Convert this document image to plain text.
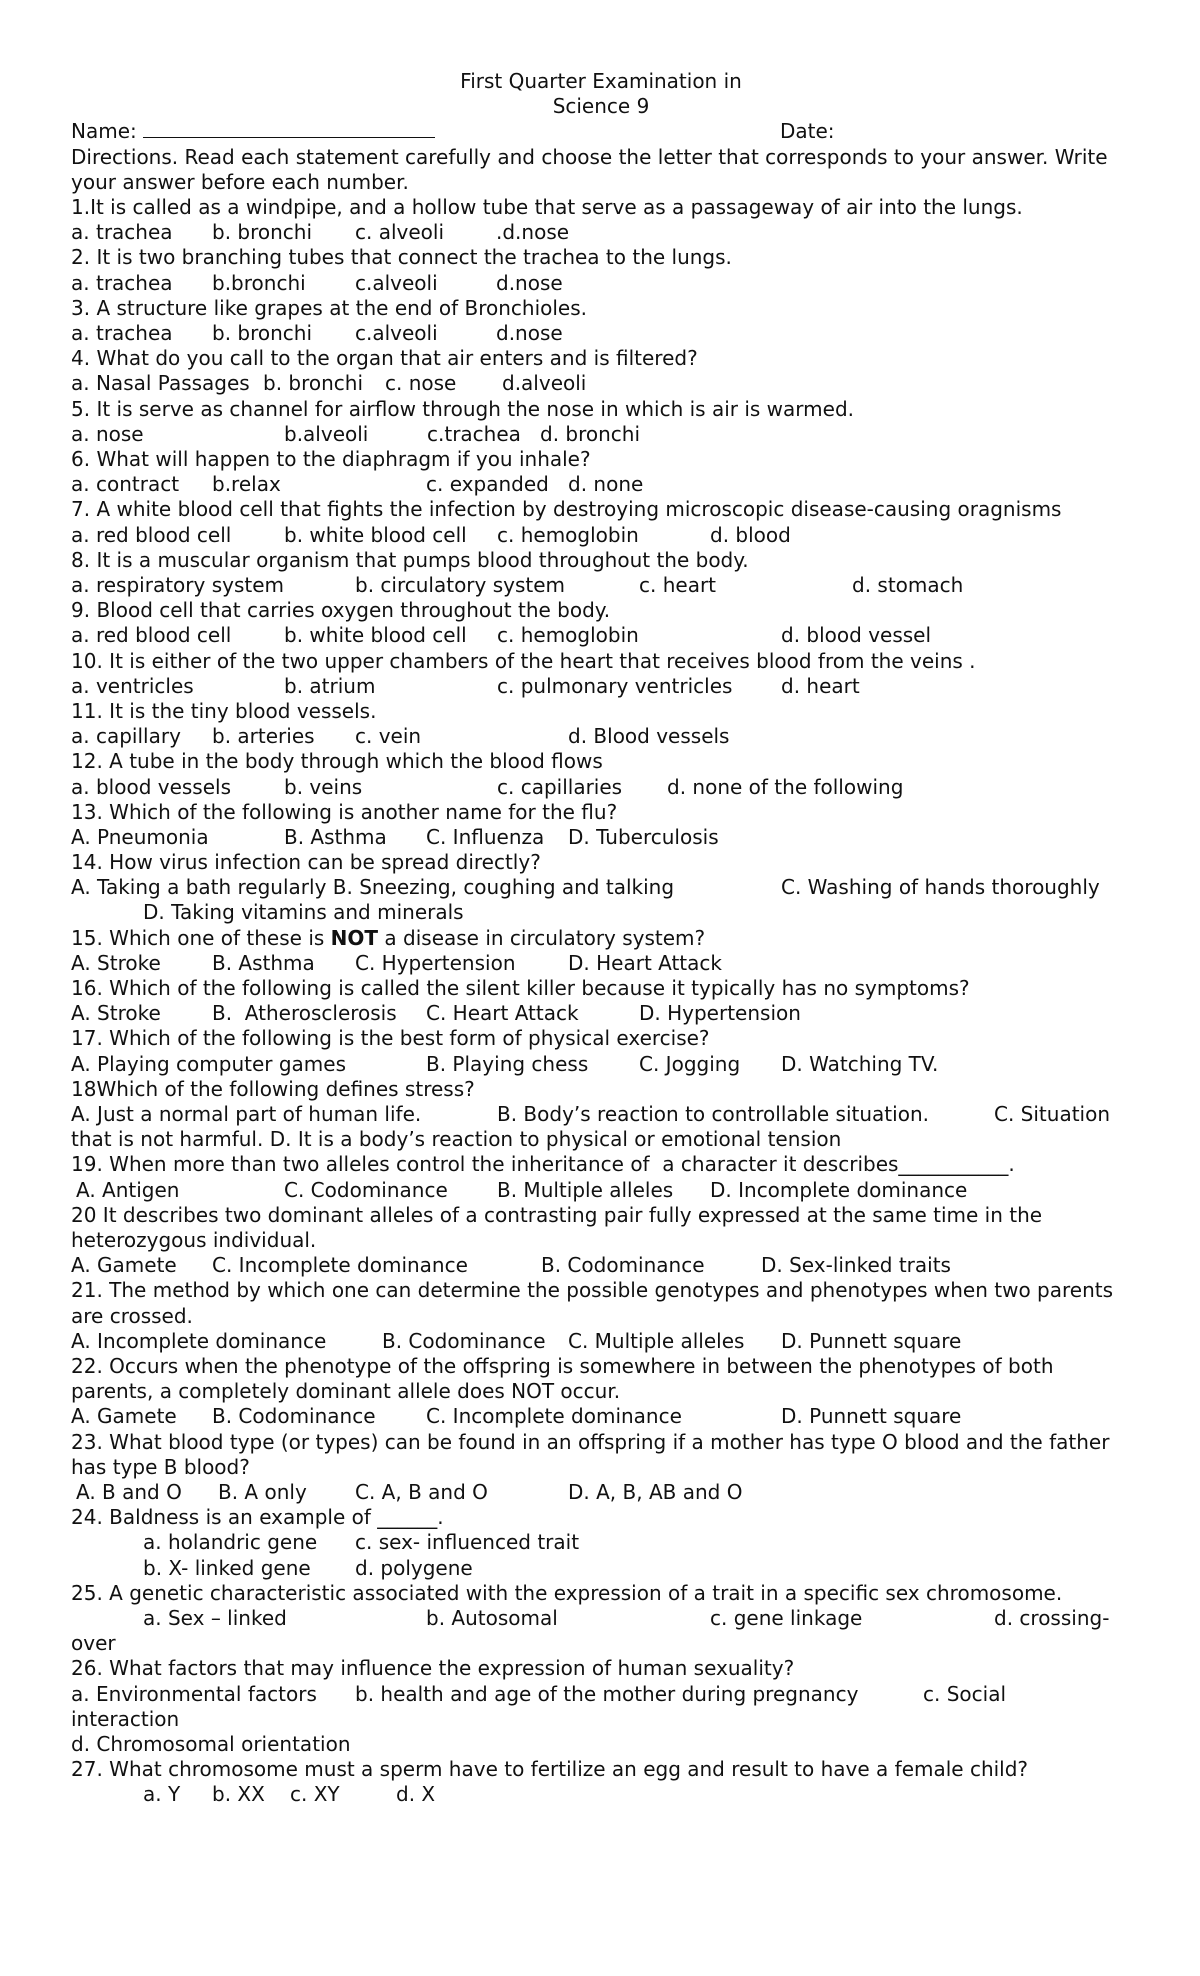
First Quarter Examination in
Science 9
Name:	Date:
Directions. Read each statement carefully and choose the letter that corresponds to your answer. Write your answer before each number.
1.It is called as a windpipe, and a hollow tube that serve as a passageway of air into the lungs.
a. trachea b. bronchi c. alveoli	.d.nose
2. It is two branching tubes that connect the trachea to the lungs.
a. trachea b.bronchi c.alveoli	d.nose
3. A structure like grapes at the end of Bronchioles.
a. trachea b. bronchi c.alveoli	d.nose
4. What do you call to the organ that air enters and is filtered?
a. Nasal Passages b. bronchi c. nose d.alveoli
5. It is serve as channel for airflow through the nose in which is air is warmed.
a. nose	b.alveoli	c.trachea d. bronchi
6. What will happen to the diaphragm if you inhale?
a. contract b.relax	c. expanded d. none
7. A white blood cell that fights the infection by destroying microscopic disease-causing oragnisms
a. red blood cell	b. white blood cell c. hemoglobin	d. blood
8. It is a muscular organism that pumps blood throughout the body.
a. respiratory system	b. circulatory system	c. heart	d. stomach
9. Blood cell that carries oxygen throughout the body.
a. red blood cell	b. white blood cell c. hemoglobin	d. blood vessel
10. It is either of the two upper chambers of the heart that receives blood from the veins .
a. ventricles	b. atrium	c. pulmonary ventricles d. heart
11. It is the tiny blood vessels.
a. capillary b. arteries c. vein	d. Blood vessels
12. A tube in the body through which the blood flows
a. blood vessels	b. veins	c. capillaries d. none of the following
13. Which of the following is another name for the flu?
A. Pneumonia	B. Asthma C. Influenza D. Tuberculosis
14. How virus infection can be spread directly?
A. Taking a bath regularly B. Sneezing, coughing and talking	C. Washing of hands thoroughly
D. Taking vitamins and minerals
15. Which one of these is NOT a disease in circulatory system?
A. Stroke	B. Asthma C. Hypertension	D. Heart Attack
16. Which of the following is called the silent killer because it typically has no symptoms?
A. Stroke	B.  Atherosclerosis C. Heart Attack	D. Hypertension
17. Which of the following is the best form of physical exercise?
A. Playing computer games	B. Playing chess	C. Jogging D. Watching TV.
18Which of the following defines stress?
A. Just a normal part of human life.	B. Body’s reaction to controllable situation.	C. Situation
that is not harmful. D. It is a body’s reaction to physical or emotional tension
19. When more than two alleles control the inheritance of  a character it describes___________.
A. Antigen	C. Codominance B. Multiple alleles D. Incomplete dominance
20 It describes two dominant alleles of a contrasting pair fully expressed at the same time in the heterozygous individual.
A. Gamete C. Incomplete dominance	B. Codominance	D. Sex-linked traits
21. The method by which one can determine the possible genotypes and phenotypes when two parents are crossed.
A. Incomplete dominance	B. Codominance C. Multiple alleles D. Punnett square
22. Occurs when the phenotype of the offspring is somewhere in between the phenotypes of both parents, a completely dominant allele does NOT occur.
A. Gamete B. Codominance	C. Incomplete dominance	D. Punnett square
23. What blood type (or types) can be found in an offspring if a mother has type O blood and the father has type B blood?
A. B and O B. A only C. A, B and O	D. A, B, AB and O
24. Baldness is an example of ______.
a. holandric gene c. sex- influenced trait
b. X- linked gene d. polygene
25. A genetic characteristic associated with the expression of a trait in a specific sex chromosome.
a. Sex – linked	b. Autosomal	c. gene linkage	d. crossing-
over
26. What factors that may influence the expression of human sexuality?
a. Environmental factors b. health and age of the mother during pregnancy	c. Social
interaction
d. Chromosomal orientation
27. What chromosome must a sperm have to fertilize an egg and result to have a female child?
a. Y b. XX c. XY	d. X
